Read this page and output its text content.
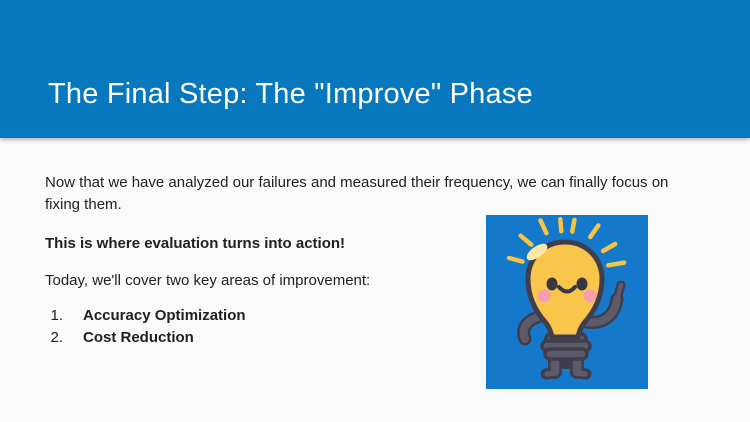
The Final Step: The "Improve" Phase

Now that we have analyzed our failures and measured their frequency, we can finally focus on fixing them.

This is where evaluation turns into action!

Today, we'll cover two key areas of improvement:

1. Accuracy Optimization
2. Cost Reduction
